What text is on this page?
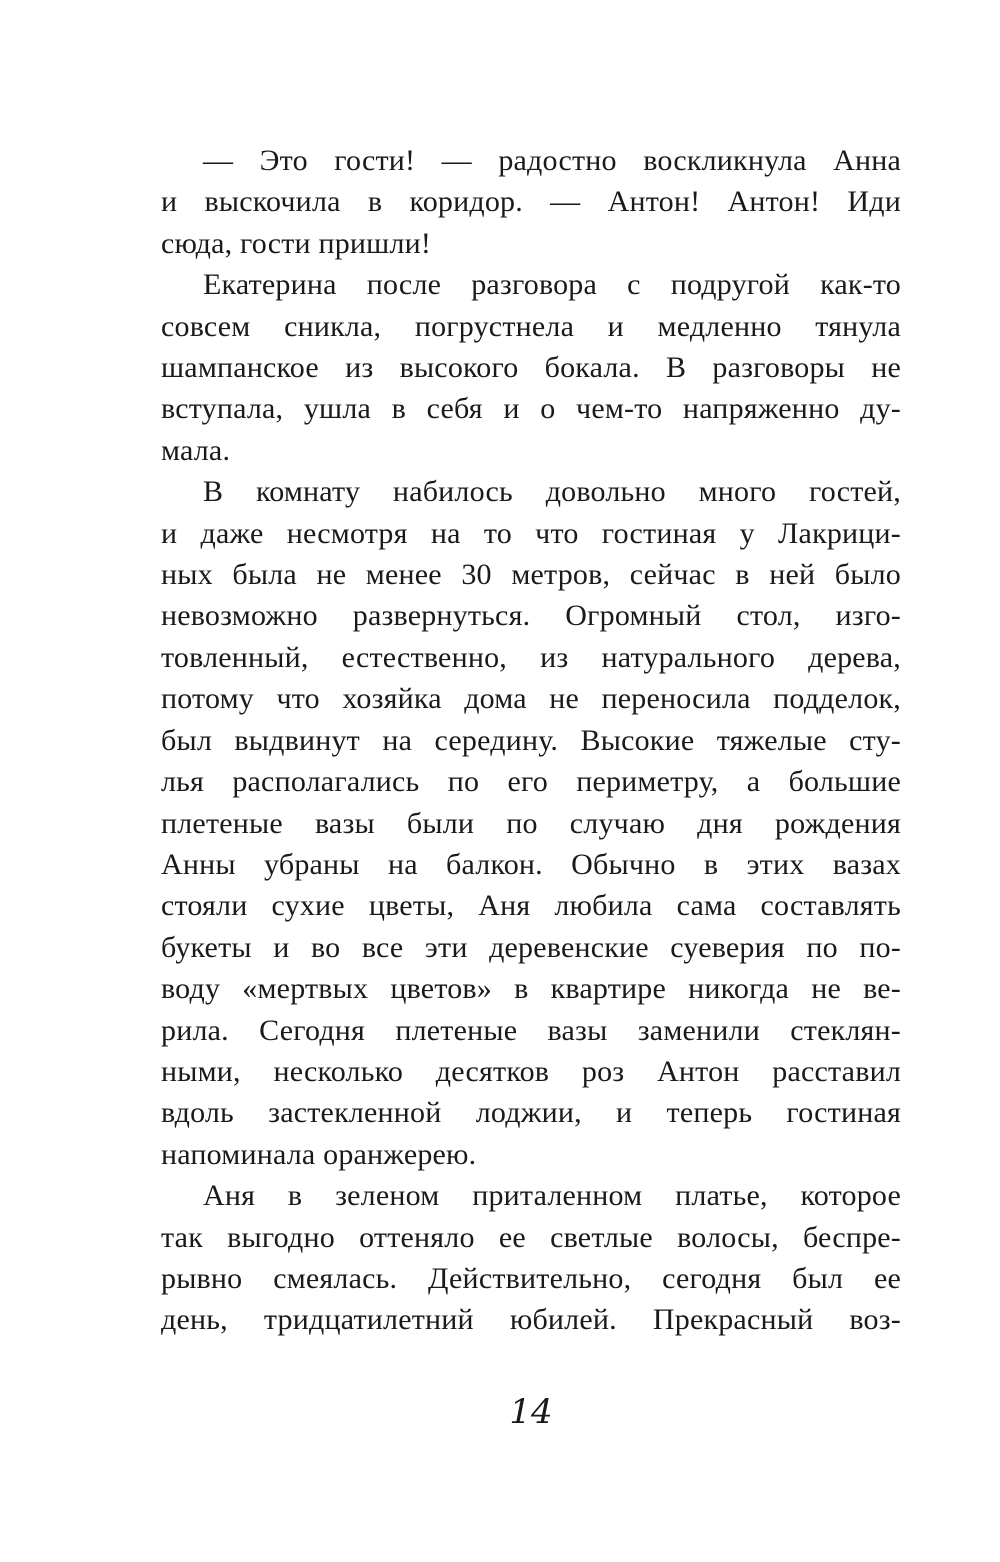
— Это гости! — радостно воскликнула Анна
и выскочила в коридор. — Антон! Антон! Иди
сюда, гости пришли!
Екатерина после разговора с подругой как-то
совсем сникла, погрустнела и медленно тянула
шампанское из высокого бокала. В разговоры не
вступала, ушла в себя и о чем-то напряженно ду-
мала.
В комнату набилось довольно много гостей,
и даже несмотря на то что гостиная у Лакрици-
ных была не менее 30 метров, сейчас в ней было
невозможно развернуться. Огромный стол, изго-
товленный, естественно, из натурального дерева,
потому что хозяйка дома не переносила подделок,
был выдвинут на середину. Высокие тяжелые сту-
лья располагались по его периметру, а большие
плетеные вазы были по случаю дня рождения
Анны убраны на балкон. Обычно в этих вазах
стояли сухие цветы, Аня любила сама составлять
букеты и во все эти деревенские суеверия по по-
воду «мертвых цветов» в квартире никогда не ве-
рила. Сегодня плетеные вазы заменили стеклян-
ными, несколько десятков роз Антон расставил
вдоль застекленной лоджии, и теперь гостиная
напоминала оранжерею.
Аня в зеленом приталенном платье, которое
так выгодно оттеняло ее светлые волосы, беспре-
рывно смеялась. Действительно, сегодня был ее
день, тридцатилетний юбилей. Прекрасный воз-
14
